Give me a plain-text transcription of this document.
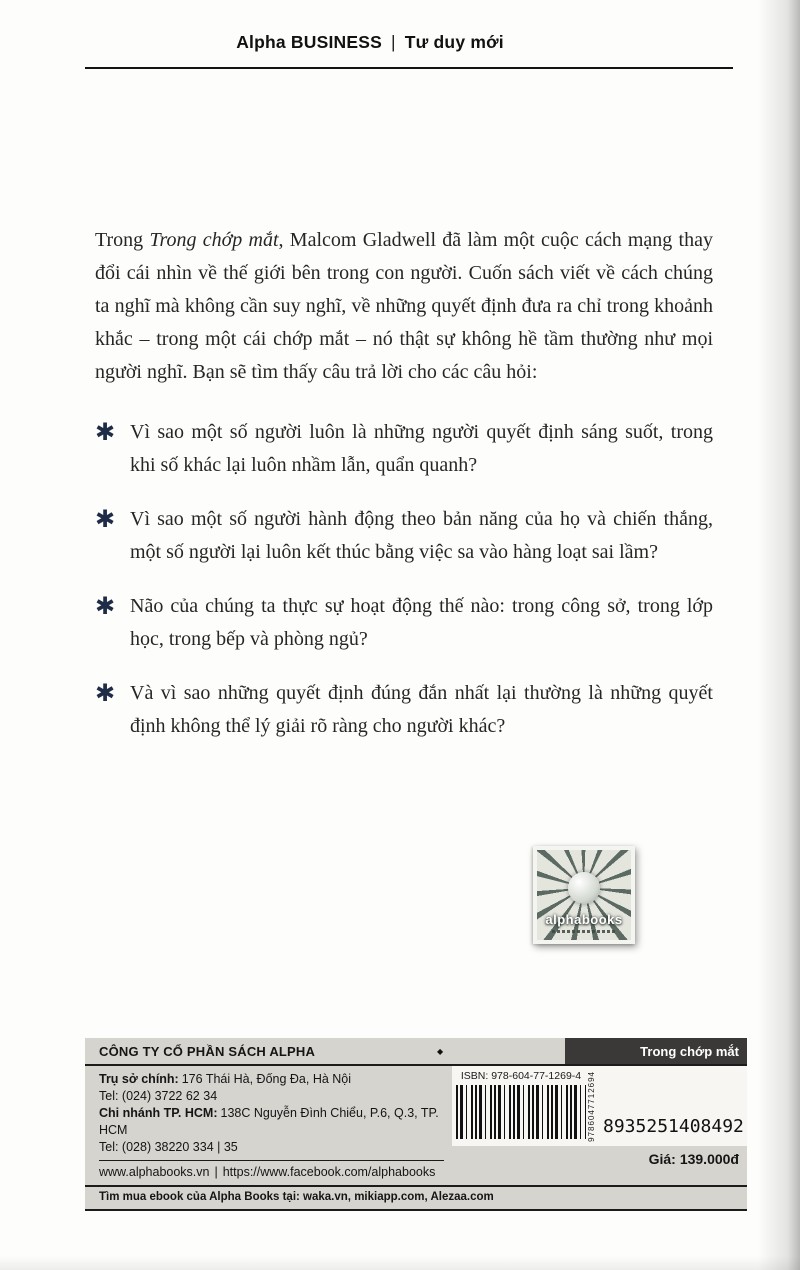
Alpha BUSINESS | Tư duy mới

Trong Trong chớp mắt, Malcom Gladwell đã làm một cuộc cách mạng thay đổi cái nhìn về thế giới bên trong con người. Cuốn sách viết về cách chúng ta nghĩ mà không cần suy nghĩ, về những quyết định đưa ra chỉ trong khoảnh khắc – trong một cái chớp mắt – nó thật sự không hề tầm thường như mọi người nghĩ. Bạn sẽ tìm thấy câu trả lời cho các câu hỏi:

✱ Vì sao một số người luôn là những người quyết định sáng suốt, trong khi số khác lại luôn nhầm lẫn, quẩn quanh?

✱ Vì sao một số người hành động theo bản năng của họ và chiến thắng, một số người lại luôn kết thúc bằng việc sa vào hàng loạt sai lầm?

✱ Não của chúng ta thực sự hoạt động thế nào: trong công sở, trong lớp học, trong bếp và phòng ngủ?

✱ Và vì sao những quyết định đúng đắn nhất lại thường là những quyết định không thể lý giải rõ ràng cho người khác?

alphabooks
CÔNG TY CỔ PHẦN SÁCH ALPHA	◆	Trong chớp mắt
Trụ sở chính: 176 Thái Hà, Đống Đa, Hà Nội
Tel: (024) 3722 62 34
Chi nhánh TP. HCM: 138C Nguyễn Đình Chiểu, P.6, Q.3, TP. HCM
Tel: (028) 38220 334 | 35
www.alphabooks.vn | https://www.facebook.com/alphabooks
ISBN: 978-604-77-1269-4 9786047712694 8 935251 408492
Giá: 139.000đ
Tìm mua ebook của Alpha Books tại: waka.vn, mikiapp.com, Alezaa.com
